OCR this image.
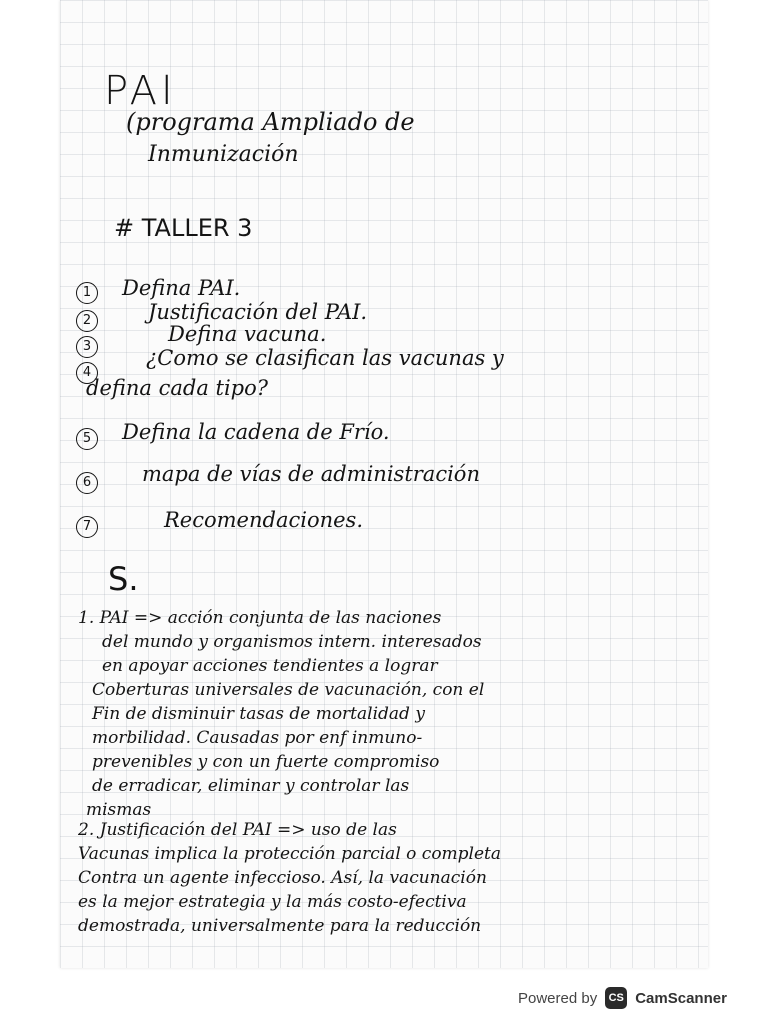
PAI
(programa Ampliado de
Inmunización
# TALLER 3
1	Defina PAI.
2	Justificación del PAI.
3
Defina vacuna.
4
¿Como se clasifican las vacunas y
defina cada tipo?
5	Defina la cadena de Frío.
6	mapa de vías de administración
7	Recomendaciones.
S.
1. PAI => acción conjunta de las naciones
del mundo y organismos intern. interesados
en apoyar acciones tendientes a lograr
Coberturas universales de vacunación, con el
Fin de disminuir tasas de mortalidad y
morbilidad. Causadas por enf inmuno-
prevenibles y con un fuerte compromiso
de erradicar, eliminar y controlar las
mismas
2. Justificación del PAI => uso de las
Vacunas implica la protección parcial o completa
Contra un agente infeccioso. Así, la vacunación
es la mejor estrategia y la más costo-efectiva
demostrada, universalmente para la reducción
Powered by	CS CamScanner
